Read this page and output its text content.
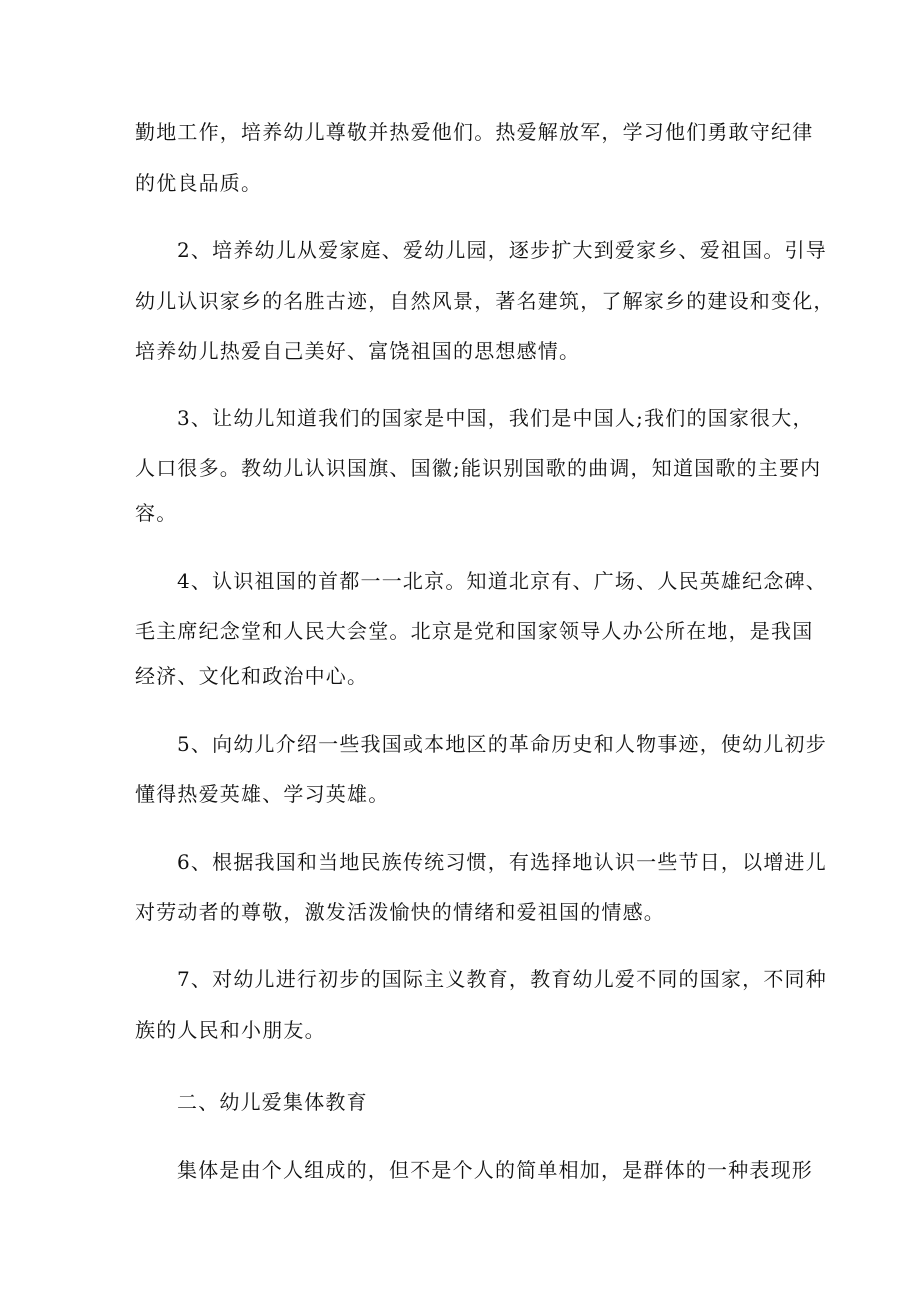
勤地工作，培养幼儿尊敬并热爱他们。热爱解放军，学习他们勇敢守纪律
的优良品质。
2、培养幼儿从爱家庭、爱幼儿园，逐步扩大到爱家乡、爱祖国。引导
幼儿认识家乡的名胜古迹，自然风景，著名建筑，了解家乡的建设和变化，
培养幼儿热爱自己美好、富饶祖国的思想感情。
3、让幼儿知道我们的国家是中国，我们是中国人;我们的国家很大，
人口很多。教幼儿认识国旗、国徽;能识别国歌的曲调，知道国歌的主要内
容。
4、认识祖国的首都一一北京。知道北京有、广场、人民英雄纪念碑、
毛主席纪念堂和人民大会堂。北京是党和国家领导人办公所在地，是我国
经济、文化和政治中心。
5、向幼儿介绍一些我国或本地区的革命历史和人物事迹，使幼儿初步
懂得热爱英雄、学习英雄。
6、根据我国和当地民族传统习惯，有选择地认识一些节日，以增进儿
对劳动者的尊敬，激发活泼愉快的情绪和爱祖国的情感。
7、对幼儿进行初步的国际主义教育，教育幼儿爱不同的国家，不同种
族的人民和小朋友。
二、幼儿爱集体教育
集体是由个人组成的，但不是个人的简单相加，是群体的一种表现形
